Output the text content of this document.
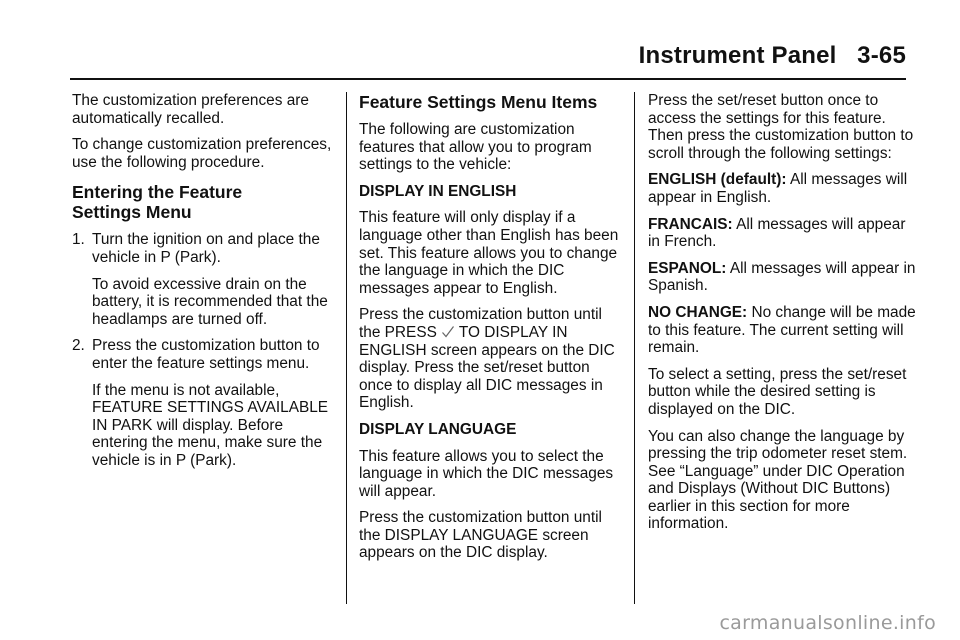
Instrument Panel 3-65

The customization preferences are automatically recalled.

To change customization preferences, use the following procedure.

Entering the Feature
Settings Menu
1. Turn the ignition on and place the vehicle in P (Park).
To avoid excessive drain on the battery, it is recommended that the headlamps are turned off.
2. Press the customization button to enter the feature settings menu.
If the menu is not available, FEATURE SETTINGS AVAILABLE IN PARK will display. Before entering the menu, make sure the vehicle is in P (Park).
Feature Settings Menu Items

The following are customization features that allow you to program settings to the vehicle:

DISPLAY IN ENGLISH

This feature will only display if a language other than English has been set. This feature allows you to change the language in which the DIC messages appear to English.

Press the customization button until the PRESS TO DISPLAY IN ENGLISH screen appears on the DIC display. Press the set/reset button once to display all DIC messages in English.

DISPLAY LANGUAGE

This feature allows you to select the language in which the DIC messages will appear.

Press the customization button until the DISPLAY LANGUAGE screen appears on the DIC display.

Press the set/reset button once to access the settings for this feature. Then press the customization button to scroll through the following settings:

ENGLISH (default): All messages will appear in English.

FRANCAIS: All messages will appear in French.

ESPANOL: All messages will appear in Spanish.

NO CHANGE: No change will be made to this feature. The current setting will remain.

To select a setting, press the set/reset button while the desired setting is displayed on the DIC.

You can also change the language by pressing the trip odometer reset stem. See “Language” under DIC Operation and Displays (Without DIC Buttons) earlier in this section for more information.

carmanualsonline.info
